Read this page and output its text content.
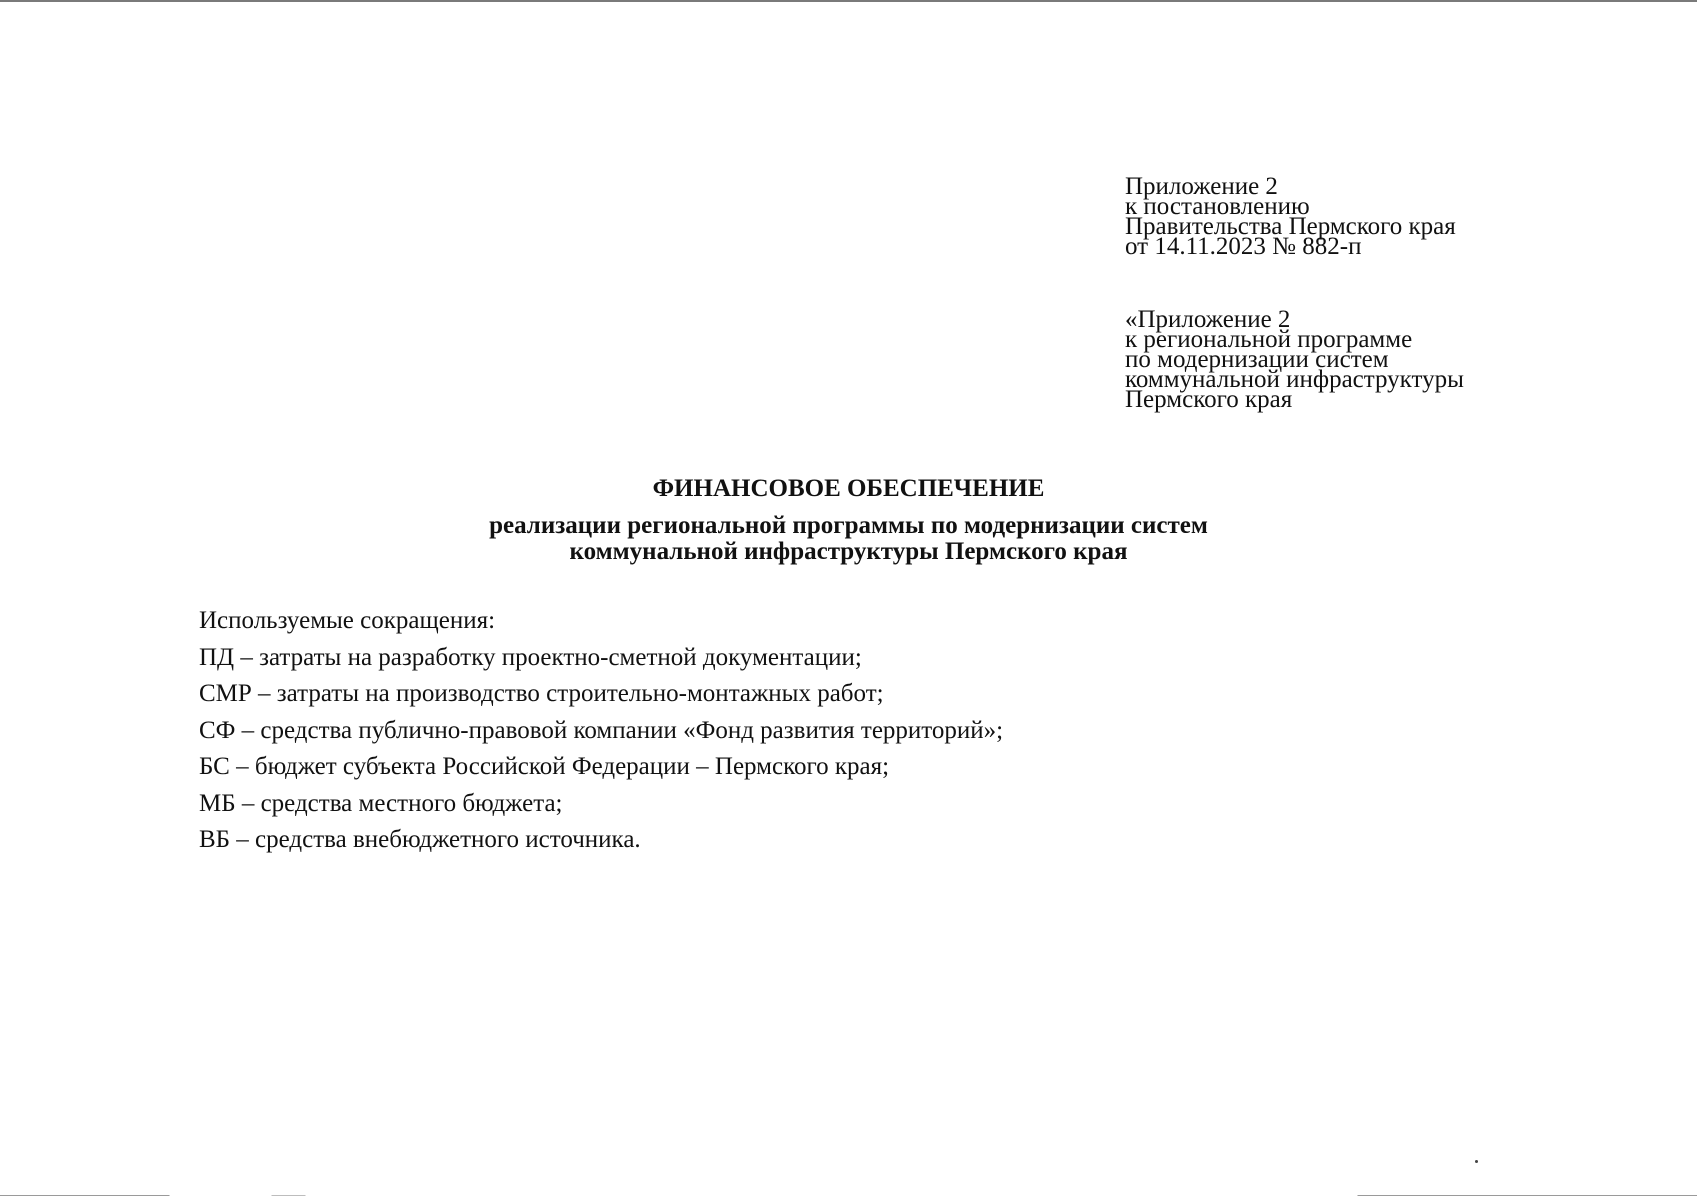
Приложение 2
к постановлению
Правительства Пермского края
от 14.11.2023 № 882-п
«Приложение 2
к региональной программе
по модернизации систем
коммунальной инфраструктуры
Пермского края
ФИНАНСОВОЕ ОБЕСПЕЧЕНИЕ
реализации региональной программы по модернизации систем
коммунальной инфраструктуры Пермского края
Используемые сокращения:
ПД – затраты на разработку проектно-сметной документации;
СМР – затраты на производство строительно-монтажных работ;
СФ – средства публично-правовой компании «Фонд развития территорий»;
БС – бюджет субъекта Российской Федерации – Пермского края;
МБ – средства местного бюджета;
ВБ – средства внебюджетного источника.
